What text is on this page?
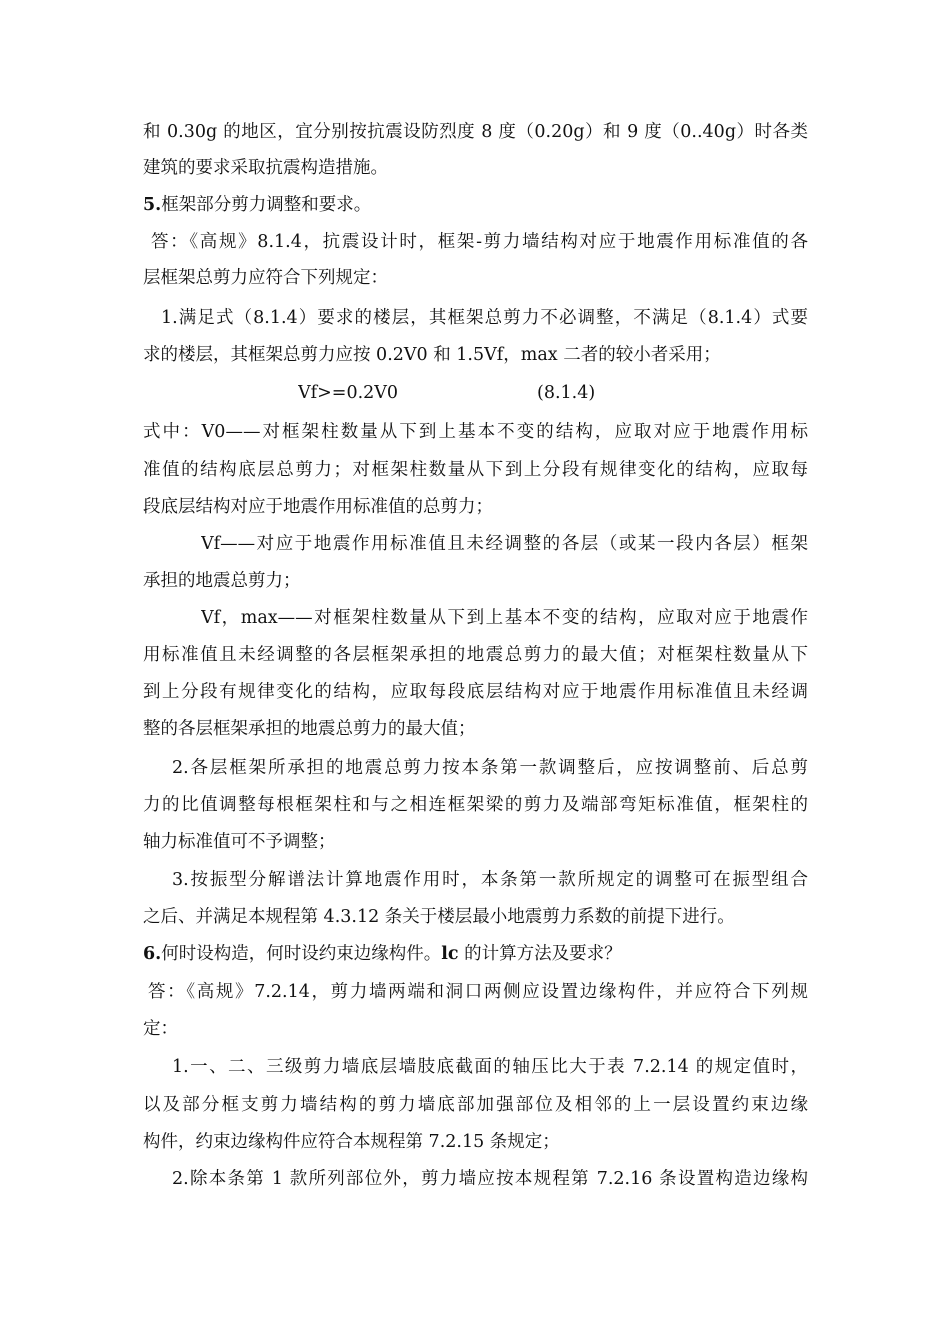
和 0.30g 的地区，宜分别按抗震设防烈度 8 度（0.20g）和 9 度（0..40g）时各类
建筑的要求采取抗震构造措施。
5.框架部分剪力调整和要求。
答：《高规》8.1.4，抗震设计时，框架-剪力墙结构对应于地震作用标准值的各
层框架总剪力应符合下列规定：
1.满足式（8.1.4）要求的楼层，其框架总剪力不必调整，不满足（8.1.4）式要
求的楼层，其框架总剪力应按 0.2V0 和 1.5Vf，max 二者的较小者采用；
Vf>=0.2V0	(8.1.4)
式中：V0——对框架柱数量从下到上基本不变的结构，应取对应于地震作用标
准值的结构底层总剪力；对框架柱数量从下到上分段有规律变化的结构，应取每
段底层结构对应于地震作用标准值的总剪力；
Vf——对应于地震作用标准值且未经调整的各层（或某一段内各层）框架
承担的地震总剪力；
Vf，max——对框架柱数量从下到上基本不变的结构，应取对应于地震作
用标准值且未经调整的各层框架承担的地震总剪力的最大值；对框架柱数量从下
到上分段有规律变化的结构，应取每段底层结构对应于地震作用标准值且未经调
整的各层框架承担的地震总剪力的最大值；
2.各层框架所承担的地震总剪力按本条第一款调整后，应按调整前、后总剪
力的比值调整每根框架柱和与之相连框架梁的剪力及端部弯矩标准值，框架柱的
轴力标准值可不予调整；
3.按振型分解谱法计算地震作用时，本条第一款所规定的调整可在振型组合
之后、并满足本规程第 4.3.12 条关于楼层最小地震剪力系数的前提下进行。
6.何时设构造，何时设约束边缘构件。lc 的计算方法及要求？
答：《高规》7.2.14，剪力墙两端和洞口两侧应设置边缘构件，并应符合下列规
定：
1.一、二、三级剪力墙底层墙肢底截面的轴压比大于表 7.2.14 的规定值时，
以及部分框支剪力墙结构的剪力墙底部加强部位及相邻的上一层设置约束边缘
构件，约束边缘构件应符合本规程第 7.2.15 条规定；
2.除本条第 1 款所列部位外，剪力墙应按本规程第 7.2.16 条设置构造边缘构
